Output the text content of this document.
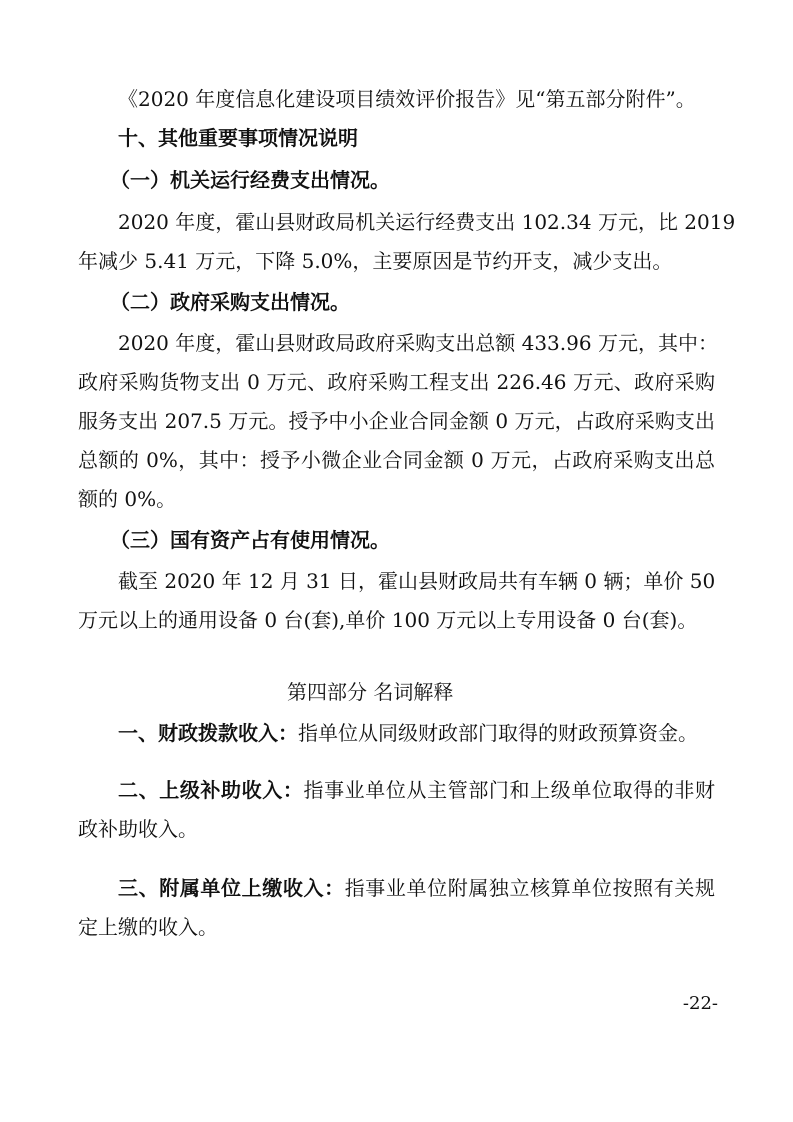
《2020 年度信息化建设项目绩效评价报告》见“第五部分附件”。
十、其他重要事项情况说明
（一）机关运行经费支出情况。
2020 年度，霍山县财政局机关运行经费支出 102.34 万元，比 2019
年减少 5.41 万元，下降 5.0%，主要原因是节约开支，减少支出。
（二）政府采购支出情况。
2020 年度，霍山县财政局政府采购支出总额 433.96 万元，其中：
政府采购货物支出 0 万元、政府采购工程支出 226.46 万元、政府采购
服务支出 207.5 万元。授予中小企业合同金额 0 万元，占政府采购支出
总额的 0%，其中：授予小微企业合同金额 0 万元，占政府采购支出总
额的 0%。
（三）国有资产占有使用情况。
截至 2020 年 12 月 31 日，霍山县财政局共有车辆 0 辆；单价 50
万元以上的通用设备 0 台(套),单价 100 万元以上专用设备 0 台(套)。
第四部分 名词解释
一、财政拨款收入：指单位从同级财政部门取得的财政预算资金。
二、上级补助收入：指事业单位从主管部门和上级单位取得的非财
政补助收入。
三、附属单位上缴收入：指事业单位附属独立核算单位按照有关规
定上缴的收入。
-22-
